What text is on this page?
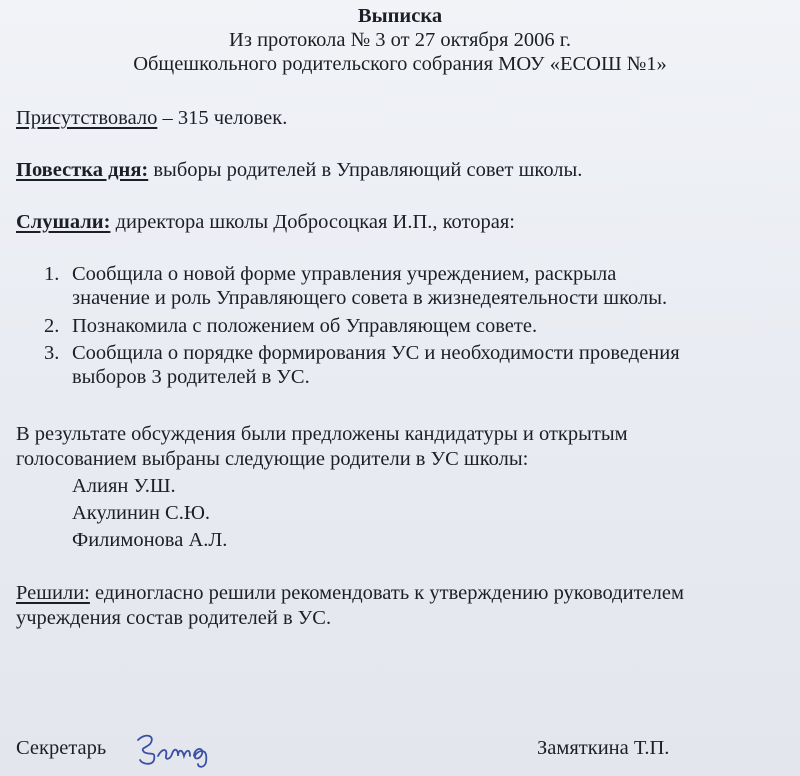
Выписка
Из протокола № 3 от 27 октября 2006 г.
Общешкольного родительского собрания МОУ «ЕСОШ №1»
Присутствовало – 315 человек.
Повестка дня: выборы родителей в Управляющий совет школы.
Слушали: директора школы Добросоцкая И.П., которая:
1. Сообщила о новой форме управления учреждением, раскрыла
значение и роль Управляющего совета в жизнедеятельности школы.
2. Познакомила с положением об Управляющем совете.
3. Сообщила о порядке формирования УС и необходимости проведения
выборов 3 родителей в УС.
В результате обсуждения были предложены кандидатуры и открытым
голосованием выбраны следующие родители в УС школы:
Алиян У.Ш.
Акулинин С.Ю.
Филимонова А.Л.
Решили: единогласно решили рекомендовать к утверждению руководителем
учреждения состав родителей в УС.
Секретарь	Замяткина Т.П.
